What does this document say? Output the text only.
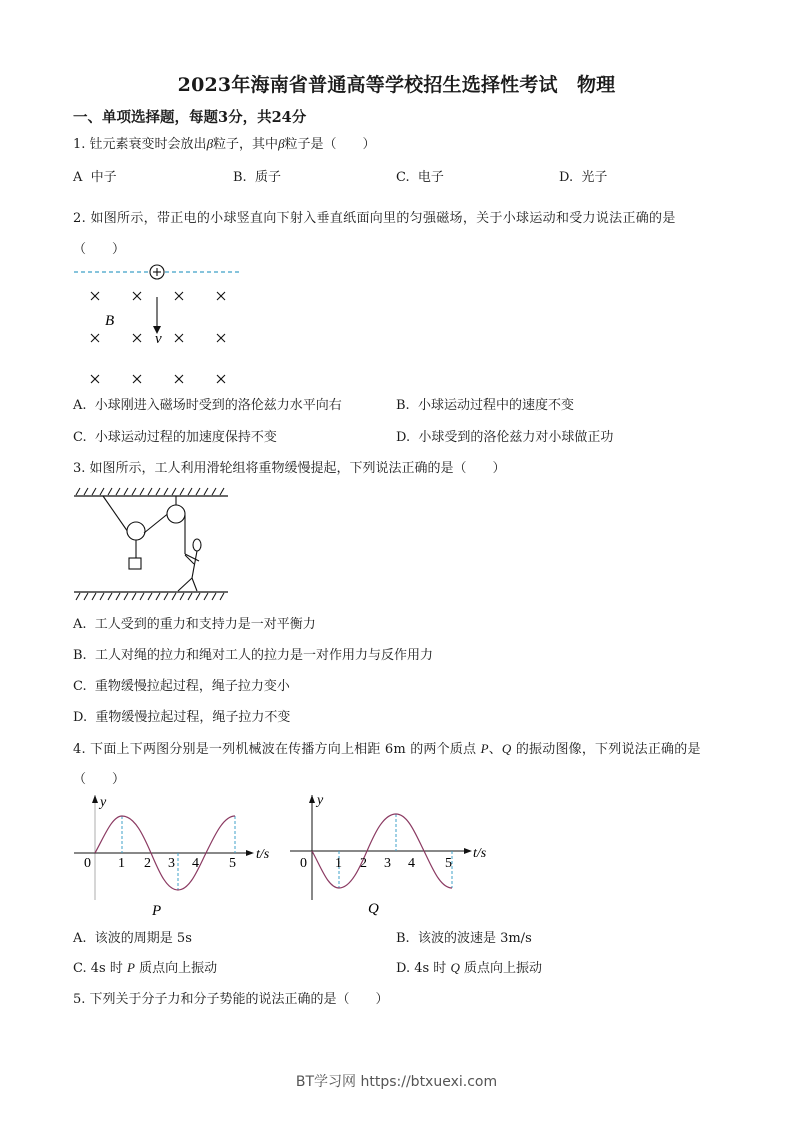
2023年海南省普通高等学校招生选择性考试　物理
一、单项选择题，每题3分，共24分
1. 钍元素衰变时会放出β粒子，其中β粒子是（　　）
A 中子	B. 质子	C. 电子	D. 光子
2. 如图所示，带正电的小球竖直向下射入垂直纸面向里的匀强磁场，关于小球运动和受力说法正确的是
（　　）
B
v
A. 小球刚进入磁场时受到的洛伦兹力水平向右	B. 小球运动过程中的速度不变
C. 小球运动过程的加速度保持不变	D. 小球受到的洛伦兹力对小球做正功
3. 如图所示，工人利用滑轮组将重物缓慢提起，下列说法正确的是（　　）
A. 工人受到的重力和支持力是一对平衡力
B. 工人对绳的拉力和绳对工人的拉力是一对作用力与反作用力
C. 重物缓慢拉起过程，绳子拉力变小
D. 重物缓慢拉起过程，绳子拉力不变
4. 下面上下两图分别是一列机械波在传播方向上相距 6m 的两个质点 P、Q 的振动图像，下列说法正确的是
（　　）
y
t/s
0 1 2 3 4 5
P
y
t/s
0 1 2 3 4 5
Q
A. 该波的周期是 5s	B. 该波的波速是 3m/s
C. 4s 时 P 质点向上振动	D. 4s 时 Q 质点向上振动
5. 下列关于分子力和分子势能的说法正确的是（　　）
BT学习网 https://btxuexi.com
